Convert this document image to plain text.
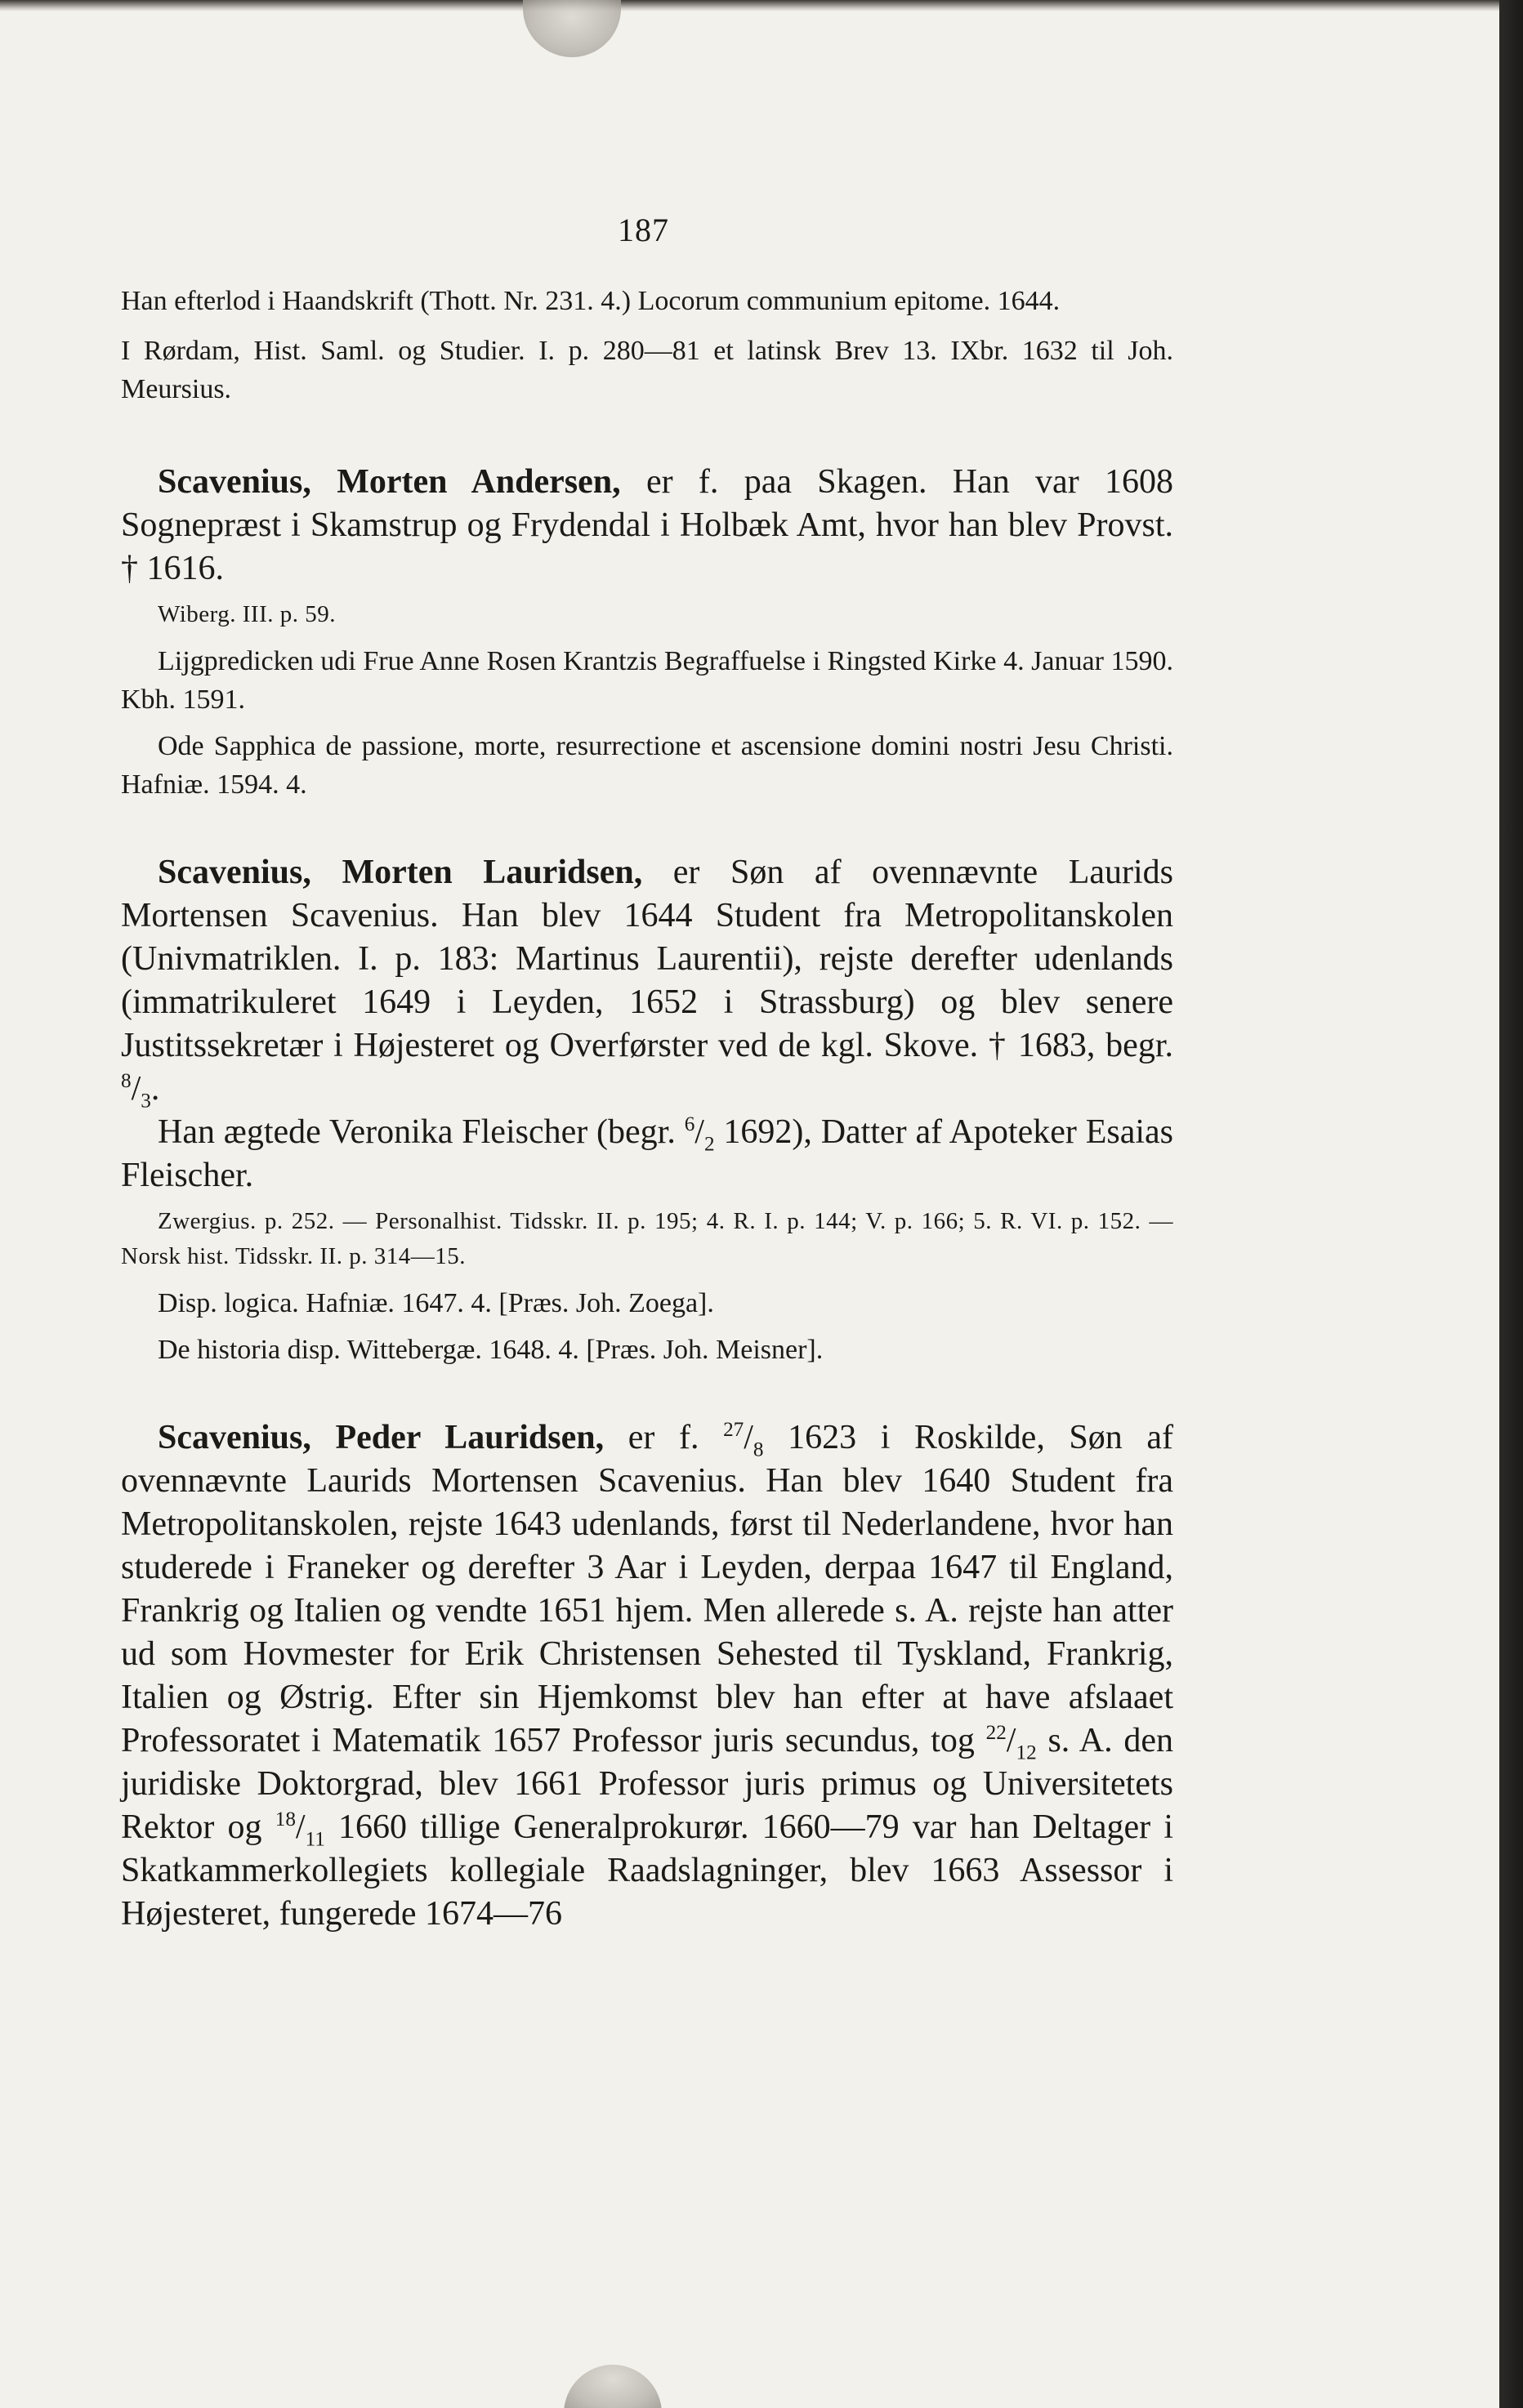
187

Han efterlod i Haandskrift (Thott. Nr. 231. 4.) Locorum communium epitome. 1644.

I Rørdam, Hist. Saml. og Studier. I. p. 280—81 et latinsk Brev 13. IXbr. 1632 til Joh. Meursius.

Scavenius, Morten Andersen, er f. paa Skagen. Han var 1608 Sognepræst i Skamstrup og Frydendal i Holbæk Amt, hvor han blev Provst. † 1616.

Wiberg. III. p. 59.

Lijgpredicken udi Frue Anne Rosen Krantzis Begraffuelse i Ringsted Kirke 4. Januar 1590. Kbh. 1591.

Ode Sapphica de passione, morte, resurrectione et ascensione domini nostri Jesu Christi. Hafniæ. 1594. 4.

Scavenius, Morten Lauridsen, er Søn af ovennævnte Laurids Mortensen Scavenius. Han blev 1644 Student fra Metropolitanskolen (Univmatriklen. I. p. 183: Martinus Laurentii), rejste derefter udenlands (immatrikuleret 1649 i Leyden, 1652 i Strassburg) og blev senere Justitssekretær i Højesteret og Overførster ved de kgl. Skove. † 1683, begr. $^8/_3$.

Han ægtede Veronika Fleischer (begr. $^6/_2$ 1692), Datter af Apoteker Esaias Fleischer.

Zwergius. p. 252. — Personalhist. Tidsskr. II. p. 195; 4. R. I. p. 144; V. p. 166; 5. R. VI. p. 152. — Norsk hist. Tidsskr. II. p. 314—15.

Disp. logica. Hafniæ. 1647. 4. [Præs. Joh. Zoega].

De historia disp. Wittebergæ. 1648. 4. [Præs. Joh. Meisner].

Scavenius, Peder Lauridsen, er f. $^{27}/_8$ 1623 i Roskilde, Søn af ovennævnte Laurids Mortensen Scavenius. Han blev 1640 Student fra Metropolitanskolen, rejste 1643 udenlands, først til Nederlandene, hvor han studerede i Franeker og derefter 3 Aar i Leyden, derpaa 1647 til England, Frankrig og Italien og vendte 1651 hjem. Men allerede s. A. rejste han atter ud som Hovmester for Erik Christensen Sehested til Tyskland, Frankrig, Italien og Østrig. Efter sin Hjemkomst blev han efter at have afslaaet Professoratet i Matematik 1657 Professor juris secundus, tog $^{22}/_{12}$ s. A. den juridiske Doktorgrad, blev 1661 Professor juris primus og Universitetets Rektor og $^{18}/_{11}$ 1660 tillige Generalprokurør. 1660—79 var han Deltager i Skatkammerkollegiets kollegiale Raadslagninger, blev 1663 Assessor i Højesteret, fungerede 1674—76
